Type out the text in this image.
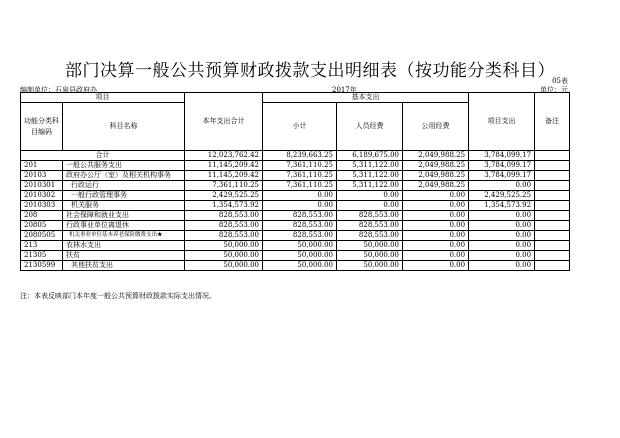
部门决算一般公共预算财政拨款支出明细表（按功能分类科目）
05表
编制单位：石泉县政府办	2017年	单位：元
项目		本年支出合计	基本支出			项目支出	备注
功能分类科目编码	科目名称		小计	人员经费	公用经费		

合计		12,023,762.42	8,239,663.25	6,189,675.00	2,049,988.25	3,784,099.17	
201	一般公共服务支出	11,145,209.42	7,361,110.25	5,311,122.00	2,049,988.25	3,784,099.17	
20103	政府办公厅（室）及相关机构事务	11,145,209.42	7,361,110.25	5,311,122.00	2,049,988.25	3,784,099.17	
2010301	行政运行	7,361,110.25	7,361,110.25	5,311,122.00	2,049,988.25	0.00	
2010302	一般行政管理事务	2,429,525.25	0.00	0.00	0.00	2,429,525.25	
2010303	机关服务	1,354,573.92	0.00	0.00	0.00	1,354,573.92	
208	社会保障和就业支出	828,553.00	828,553.00	828,553.00	0.00	0.00	
20805	行政事业单位离退休	828,553.00	828,553.00	828,553.00	0.00	0.00	
2080505	机关事业单位基本养老保险缴费支出★	828,553.00	828,553.00	828,553.00	0.00	0.00	
213	农林水支出	50,000.00	50,000.00	50,000.00	0.00	0.00	
21305	扶贫	50,000.00	50,000.00	50,000.00	0.00	0.00	
2130599	其他扶贫支出	50,000.00	50,000.00	50,000.00	0.00	0.00	
注：本表反映部门本年度一般公共预算财政拨款实际支出情况。
